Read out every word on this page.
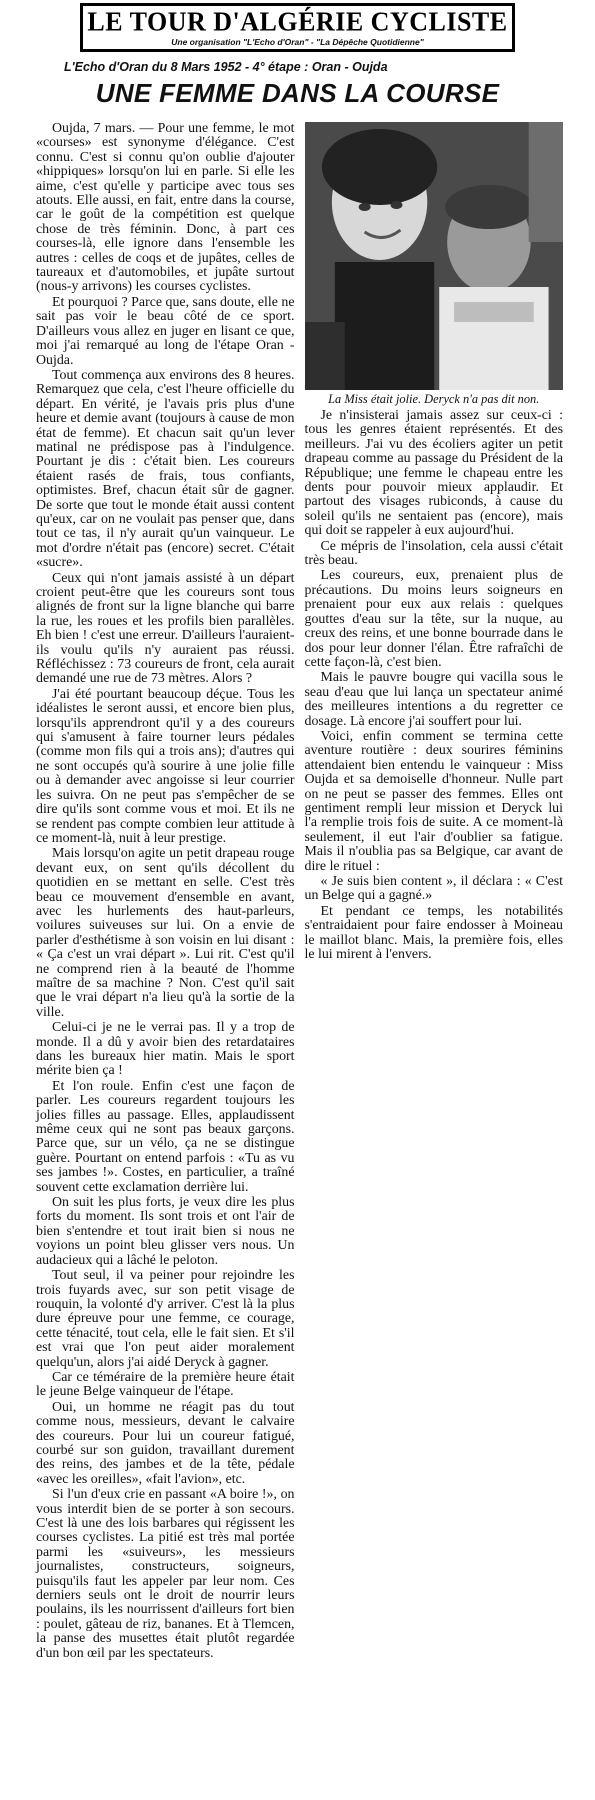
LE TOUR D'ALGÉRIE CYCLISTE
Une organisation "L'Echo d'Oran" - "La Dépêche Quotidienne"
L'Echo d'Oran du 8 Mars 1952 - 4° étape : Oran - Oujda
UNE FEMME DANS LA COURSE

Oujda, 7 mars. — Pour une femme, le mot «courses» est synonyme d'élégance. C'est connu. C'est si connu qu'on oublie d'ajouter «hippiques» lorsqu'on lui en parle. Si elle les aime, c'est qu'elle y participe avec tous ses atouts. Elle aussi, en fait, entre dans la course, car le goût de la compétition est quelque chose de très féminin. Donc, à part ces courses-là, elle ignore dans l'ensemble les autres : celles de coqs et de jupâtes, celles de taureaux et d'automobiles, et jupâte surtout (nous-y arrivons) les courses cyclistes.

Et pourquoi ? Parce que, sans doute, elle ne sait pas voir le beau côté de ce sport. D'ailleurs vous allez en juger en lisant ce que, moi j'ai remarqué au long de l'étape Oran - Oujda.

Tout commença aux environs des 8 heures. Remarquez que cela, c'est l'heure officielle du départ. En vérité, je l'avais pris plus d'une heure et demie avant (toujours à cause de mon état de femme). Et chacun sait qu'un lever matinal ne prédispose pas à l'indulgence. Pourtant je dis : c'était bien. Les coureurs étaient rasés de frais, tous confiants, optimistes. Bref, chacun était sûr de gagner. De sorte que tout le monde était aussi content qu'eux, car on ne voulait pas penser que, dans tout ce tas, il n'y aurait qu'un vainqueur. Le mot d'ordre n'était pas (encore) secret. C'était «sucre».

Ceux qui n'ont jamais assisté à un départ croient peut-être que les coureurs sont tous alignés de front sur la ligne blanche qui barre la rue, les roues et les profils bien parallèles. Eh bien ! c'est une erreur. D'ailleurs l'auraient-ils voulu qu'ils n'y auraient pas réussi. Réfléchissez : 73 coureurs de front, cela aurait demandé une rue de 73 mètres. Alors ?

J'ai été pourtant beaucoup déçue. Tous les idéalistes le seront aussi, et encore bien plus, lorsqu'ils apprendront qu'il y a des coureurs qui s'amusent à faire tourner leurs pédales (comme mon fils qui a trois ans); d'autres qui ne sont occupés qu'à sourire à une jolie fille ou à demander avec angoisse si leur courrier les suivra. On ne peut pas s'empêcher de se dire qu'ils sont comme vous et moi. Et ils ne se rendent pas compte combien leur attitude à ce moment-là, nuit à leur prestige.

Mais lorsqu'on agite un petit drapeau rouge devant eux, on sent qu'ils décollent du quotidien en se mettant en selle. C'est très beau ce mouvement d'ensemble en avant, avec les hurlements des haut-parleurs, voilures suiveuses sur lui. On a envie de parler d'esthétisme à son voisin en lui disant : « Ça c'est un vrai départ ». Lui rit. C'est qu'il ne comprend rien à la beauté de l'homme maître de sa machine ? Non. C'est qu'il sait que le vrai départ n'a lieu qu'à la sortie de la ville.

Celui-ci je ne le verrai pas. Il y a trop de monde. Il a dû y avoir bien des retardataires dans les bureaux hier matin. Mais le sport mérite bien ça !

Et l'on roule. Enfin c'est une façon de parler. Les coureurs regardent toujours les jolies filles au passage. Elles, applaudissent même ceux qui ne sont pas beaux garçons. Parce que, sur un vélo, ça ne se distingue guère. Pourtant on entend parfois : «Tu as vu ses jambes !». Costes, en particulier, a traîné souvent cette exclamation derrière lui.

On suit les plus forts, je veux dire les plus forts du moment. Ils sont trois et ont l'air de bien s'entendre et tout irait bien si nous ne voyions un point bleu glisser vers nous. Un audacieux qui a lâché le peloton.

Tout seul, il va peiner pour rejoindre les trois fuyards avec, sur son petit visage de rouquin, la volonté d'y arriver. C'est là la plus dure épreuve pour une femme, ce courage, cette ténacité, tout cela, elle le fait sien. Et s'il est vrai que l'on peut aider moralement quelqu'un, alors j'ai aidé Deryck à gagner.

Car ce téméraire de la première heure était le jeune Belge vainqueur de l'étape.

Oui, un homme ne réagit pas du tout comme nous, messieurs, devant le calvaire des coureurs. Pour lui un coureur fatigué, courbé sur son guidon, travaillant durement des reins, des jambes et de la tête, pédale «avec les oreilles», «fait l'avion», etc.

Si l'un d'eux crie en passant «A boire !», on vous interdit bien de se porter à son secours. C'est là une des lois barbares qui régissent les courses cyclistes. La pitié est très mal portée parmi les «suiveurs», les messieurs journalistes, constructeurs, soigneurs, puisqu'ils faut les appeler par leur nom. Ces derniers seuls ont le droit de nourrir leurs poulains, ils les nourrissent d'ailleurs fort bien : poulet, gâteau de riz, bananes. Et à Tlemcen, la panse des musettes était plutôt regardée d'un bon œil par les spectateurs.

La Miss était jolie. Deryck n'a pas dit non.

Je n'insisterai jamais assez sur ceux-ci : tous les genres étaient représentés. Et des meilleurs. J'ai vu des écoliers agiter un petit drapeau comme au passage du Président de la République; une femme le chapeau entre les dents pour pouvoir mieux applaudir. Et partout des visages rubiconds, à cause du soleil qu'ils ne sentaient pas (encore), mais qui doit se rappeler à eux aujourd'hui.

Ce mépris de l'insolation, cela aussi c'était très beau.

Les coureurs, eux, prenaient plus de précautions. Du moins leurs soigneurs en prenaient pour eux aux relais : quelques gouttes d'eau sur la tête, sur la nuque, au creux des reins, et une bonne bourrade dans le dos pour leur donner l'élan. Être rafraîchi de cette façon-là, c'est bien.

Mais le pauvre bougre qui vacilla sous le seau d'eau que lui lança un spectateur animé des meilleures intentions a du regretter ce dosage. Là encore j'ai souffert pour lui.

Voici, enfin comment se termina cette aventure routière : deux sourires féminins attendaient bien entendu le vainqueur : Miss Oujda et sa demoiselle d'honneur. Nulle part on ne peut se passer des femmes. Elles ont gentiment rempli leur mission et Deryck lui l'a remplie trois fois de suite. A ce moment-là seulement, il eut l'air d'oublier sa fatigue. Mais il n'oublia pas sa Belgique, car avant de dire le rituel :

« Je suis bien content », il déclara : « C'est un Belge qui a gagné.»

Et pendant ce temps, les notabilités s'entraidaient pour faire endosser à Moineau le maillot blanc. Mais, la première fois, elles le lui mirent à l'envers.
